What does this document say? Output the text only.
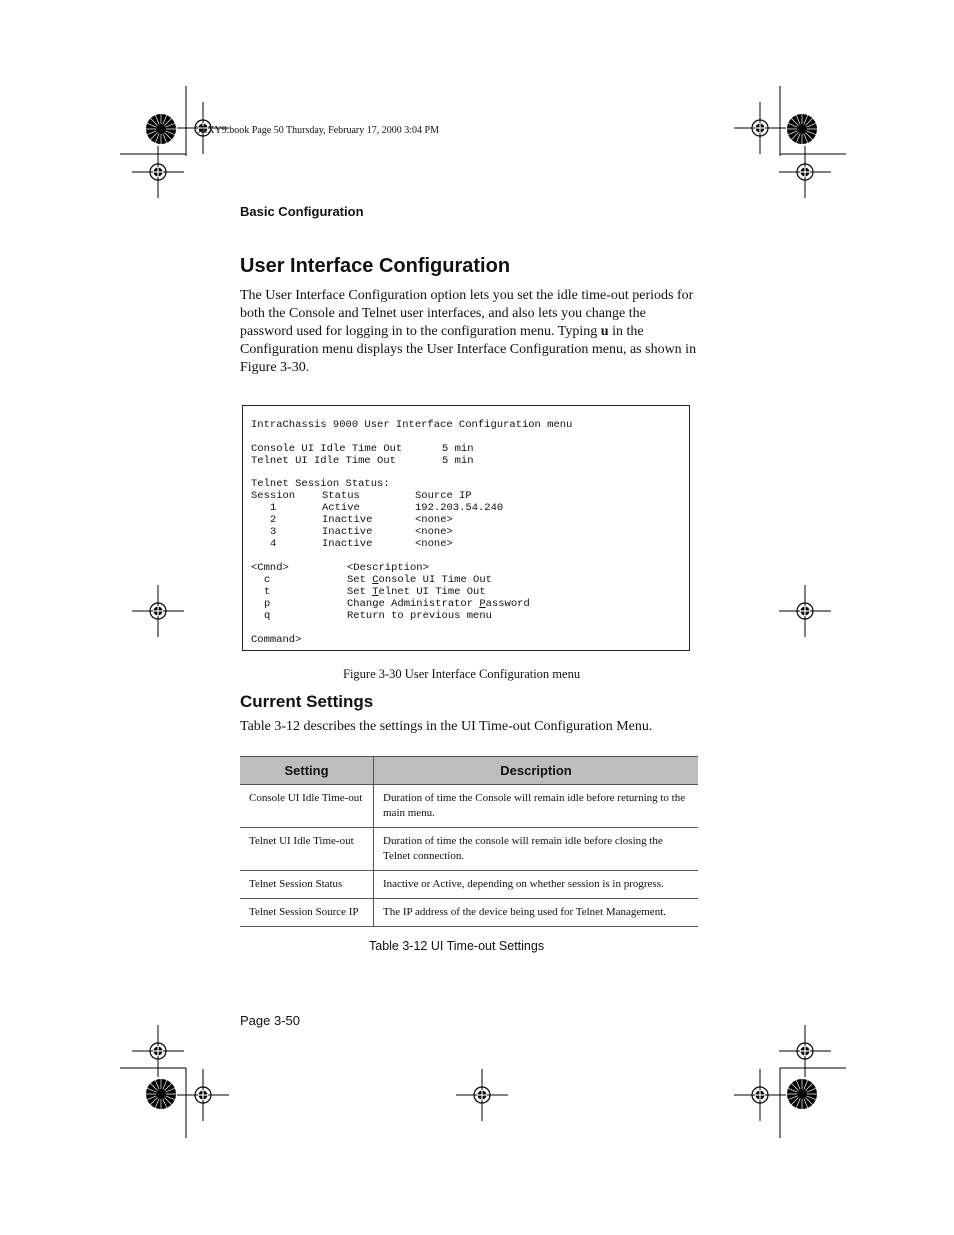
GLXY9.book Page 50 Thursday, February 17, 2000 3:04 PM
Basic Configuration
User Interface Configuration

The User Interface Configuration option lets you set the idle time-out periods for both the Console and Telnet user interfaces, and also lets you change the password used for logging in to the configuration menu. Typing u in the Configuration menu displays the User Interface Configuration menu, as shown in Figure 3-30.

IntraChassis 9000 User Interface Configuration menu
Console UI Idle Time Out	5 min
Telnet UI Idle Time Out	5 min
Telnet Session Status:
Session	Status	Source IP
1	Active	192.203.54.240
2	Inactive	<none>
3	Inactive	<none>
4	Inactive	<none>
<Cmnd>	<Description>
c	Set Console UI Time Out
t	Set Telnet UI Time Out
p	Change Administrator Password
q	Return to previous menu
Command>
Figure 3-30 User Interface Configuration menu
Current Settings
Table 3-12 describes the settings in the UI Time-out Configuration Menu.
Setting	Description
Console UI Idle Time-out	Duration of time the Console will remain idle before returning to the main menu.
Telnet UI Idle Time-out	Duration of time the console will remain idle before closing the Telnet connection.
Telnet Session Status	Inactive or Active, depending on whether session is in progress.
Telnet Session Source IP	The IP address of the device being used for Telnet Management.
Table 3-12 UI Time-out Settings
Page 3-50
